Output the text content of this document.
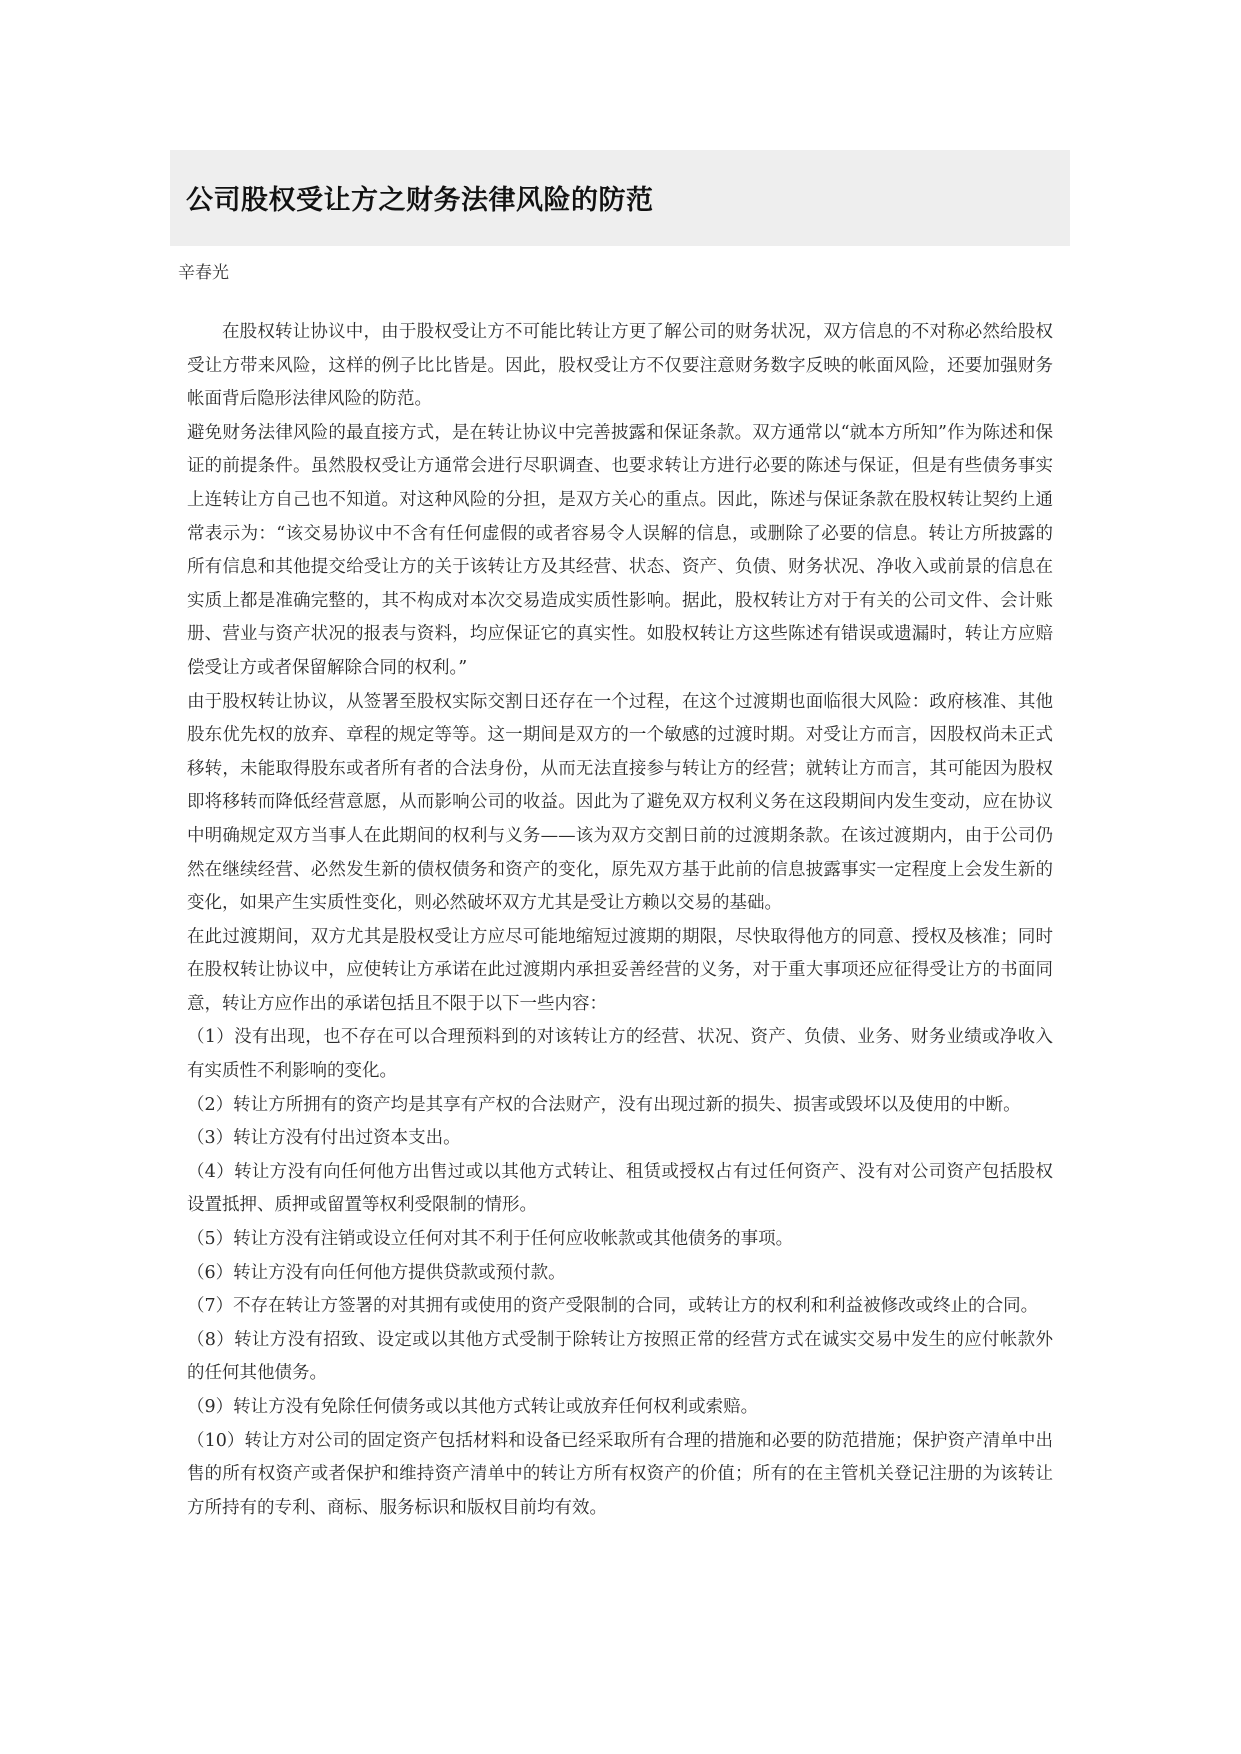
公司股权受让方之财务法律风险的防范
辛春光

在股权转让协议中，由于股权受让方不可能比转让方更了解公司的财务状况，双方信息的不对称必然给股权受让方带来风险，这样的例子比比皆是。因此，股权受让方不仅要注意财务数字反映的帐面风险，还要加强财务帐面背后隐形法律风险的防范。

避免财务法律风险的最直接方式，是在转让协议中完善披露和保证条款。双方通常以“就本方所知”作为陈述和保证的前提条件。虽然股权受让方通常会进行尽职调查、也要求转让方进行必要的陈述与保证，但是有些债务事实上连转让方自己也不知道。对这种风险的分担，是双方关心的重点。因此，陈述与保证条款在股权转让契约上通常表示为：“该交易协议中不含有任何虚假的或者容易令人误解的信息，或删除了必要的信息。转让方所披露的所有信息和其他提交给受让方的关于该转让方及其经营、状态、资产、负债、财务状况、净收入或前景的信息在实质上都是准确完整的，其不构成对本次交易造成实质性影响。据此，股权转让方对于有关的公司文件、会计账册、营业与资产状况的报表与资料，均应保证它的真实性。如股权转让方这些陈述有错误或遗漏时，转让方应赔偿受让方或者保留解除合同的权利。”

由于股权转让协议，从签署至股权实际交割日还存在一个过程，在这个过渡期也面临很大风险：政府核准、其他股东优先权的放弃、章程的规定等等。这一期间是双方的一个敏感的过渡时期。对受让方而言，因股权尚未正式移转，未能取得股东或者所有者的合法身份，从而无法直接参与转让方的经营；就转让方而言，其可能因为股权即将移转而降低经营意愿，从而影响公司的收益。因此为了避免双方权利义务在这段期间内发生变动，应在协议中明确规定双方当事人在此期间的权利与义务——该为双方交割日前的过渡期条款。在该过渡期内，由于公司仍然在继续经营、必然发生新的债权债务和资产的变化，原先双方基于此前的信息披露事实一定程度上会发生新的变化，如果产生实质性变化，则必然破坏双方尤其是受让方赖以交易的基础。

在此过渡期间，双方尤其是股权受让方应尽可能地缩短过渡期的期限，尽快取得他方的同意、授权及核准；同时在股权转让协议中，应使转让方承诺在此过渡期内承担妥善经营的义务，对于重大事项还应征得受让方的书面同意，转让方应作出的承诺包括且不限于以下一些内容：

（1）没有出现，也不存在可以合理预料到的对该转让方的经营、状况、资产、负债、业务、财务业绩或净收入有实质性不利影响的变化。

（2）转让方所拥有的资产均是其享有产权的合法财产，没有出现过新的损失、损害或毁坏以及使用的中断。

（3）转让方没有付出过资本支出。

（4）转让方没有向任何他方出售过或以其他方式转让、租赁或授权占有过任何资产、没有对公司资产包括股权设置抵押、质押或留置等权利受限制的情形。

（5）转让方没有注销或设立任何对其不利于任何应收帐款或其他债务的事项。

（6）转让方没有向任何他方提供贷款或预付款。

（7）不存在转让方签署的对其拥有或使用的资产受限制的合同，或转让方的权利和利益被修改或终止的合同。

（8）转让方没有招致、设定或以其他方式受制于除转让方按照正常的经营方式在诚实交易中发生的应付帐款外的任何其他债务。

（9）转让方没有免除任何债务或以其他方式转让或放弃任何权利或索赔。

（10）转让方对公司的固定资产包括材料和设备已经采取所有合理的措施和必要的防范措施；保护资产清单中出售的所有权资产或者保护和维持资产清单中的转让方所有权资产的价值；所有的在主管机关登记注册的为该转让方所持有的专利、商标、服务标识和版权目前均有效。
